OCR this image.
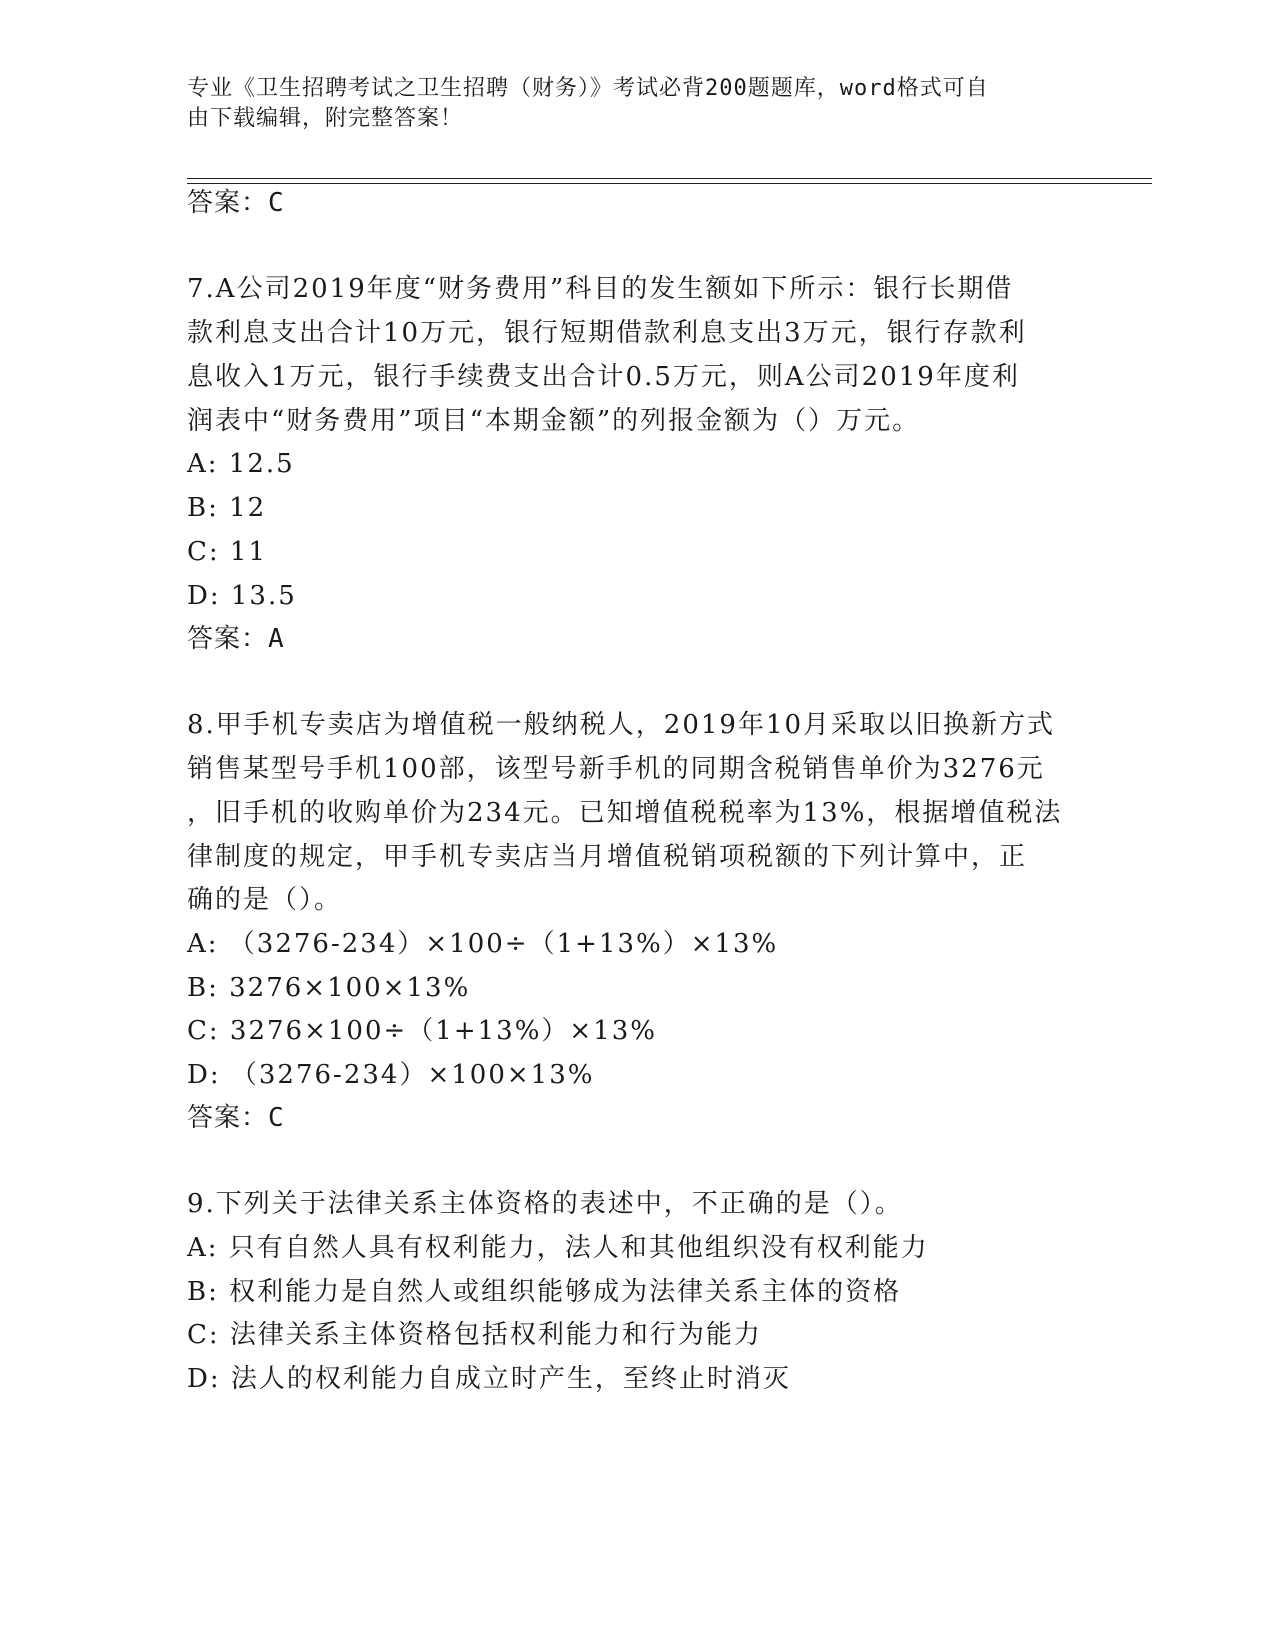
专业《卫生招聘考试之卫生招聘（财务）》考试必背200题题库，word格式可自
由下载编辑，附完整答案！
答案：C
7.A公司2019年度“财务费用”科目的发生额如下所示：银行长期借
款利息支出合计10万元，银行短期借款利息支出3万元，银行存款利
息收入1万元，银行手续费支出合计0.5万元，则A公司2019年度利
润表中“财务费用”项目“本期金额”的列报金额为（）万元。
A: 12.5
B: 12
C: 11
D: 13.5
答案：A
8.甲手机专卖店为增值税一般纳税人，2019年10月采取以旧换新方式
销售某型号手机100部，该型号新手机的同期含税销售单价为3276元
，旧手机的收购单价为234元。已知增值税税率为13%，根据增值税法
律制度的规定，甲手机专卖店当月增值税销项税额的下列计算中，正
确的是（）。
A: （3276-234）×100÷（1+13%）×13%
B: 3276×100×13%
C: 3276×100÷（1+13%）×13%
D: （3276-234）×100×13%
答案：C
9.下列关于法律关系主体资格的表述中，不正确的是（）。
A: 只有自然人具有权利能力，法人和其他组织没有权利能力
B: 权利能力是自然人或组织能够成为法律关系主体的资格
C: 法律关系主体资格包括权利能力和行为能力
D: 法人的权利能力自成立时产生，至终止时消灭
